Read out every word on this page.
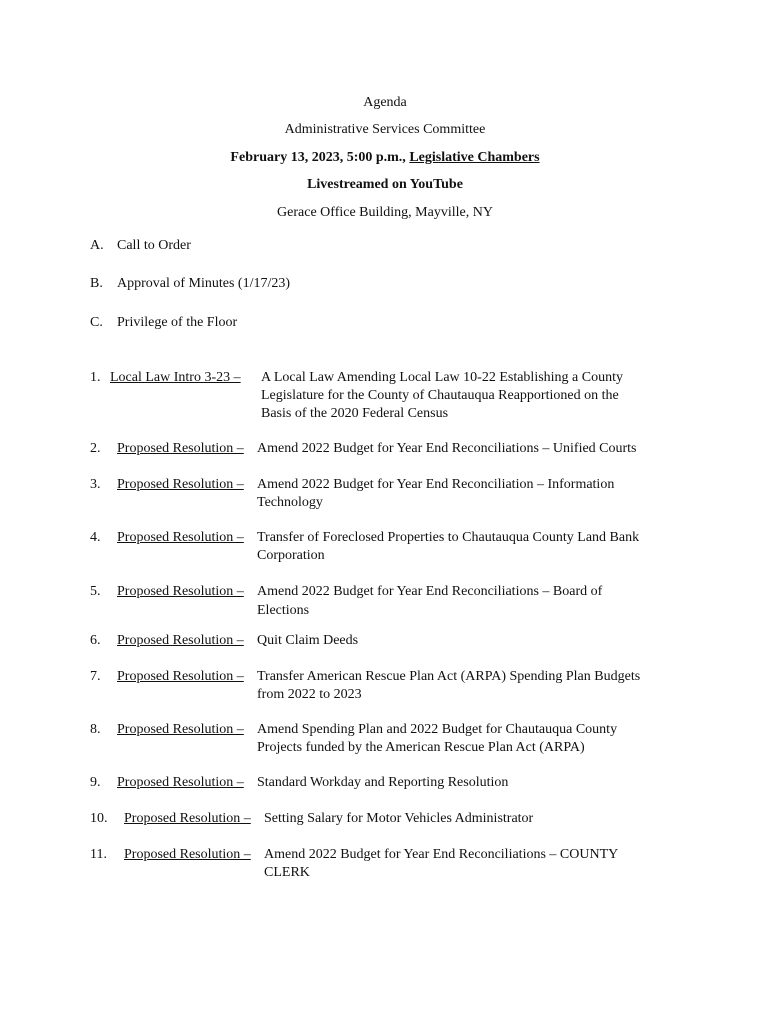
Agenda
Administrative Services Committee
February 13, 2023, 5:00 p.m., Legislative Chambers
Livestreamed on YouTube
Gerace Office Building, Mayville, NY
A. Call to Order
B. Approval of Minutes (1/17/23)
C. Privilege of the Floor
1. Local Law Intro 3-23 – A Local Law Amending Local Law 10-22 Establishing a County
Legislature for the County of Chautauqua Reapportioned on the
Basis of the 2020 Federal Census
2. Proposed Resolution – Amend 2022 Budget for Year End Reconciliations – Unified Courts
3. Proposed Resolution – Amend 2022 Budget for Year End Reconciliation – Information
Technology
4. Proposed Resolution – Transfer of Foreclosed Properties to Chautauqua County Land Bank
Corporation
5. Proposed Resolution – Amend 2022 Budget for Year End Reconciliations – Board of
Elections
6. Proposed Resolution – Quit Claim Deeds
7. Proposed Resolution – Transfer American Rescue Plan Act (ARPA) Spending Plan Budgets
from 2022 to 2023
8. Proposed Resolution – Amend Spending Plan and 2022 Budget for Chautauqua County
Projects funded by the American Rescue Plan Act (ARPA)
9. Proposed Resolution – Standard Workday and Reporting Resolution
10. Proposed Resolution – Setting Salary for Motor Vehicles Administrator
11. Proposed Resolution – Amend 2022 Budget for Year End Reconciliations – COUNTY
CLERK
